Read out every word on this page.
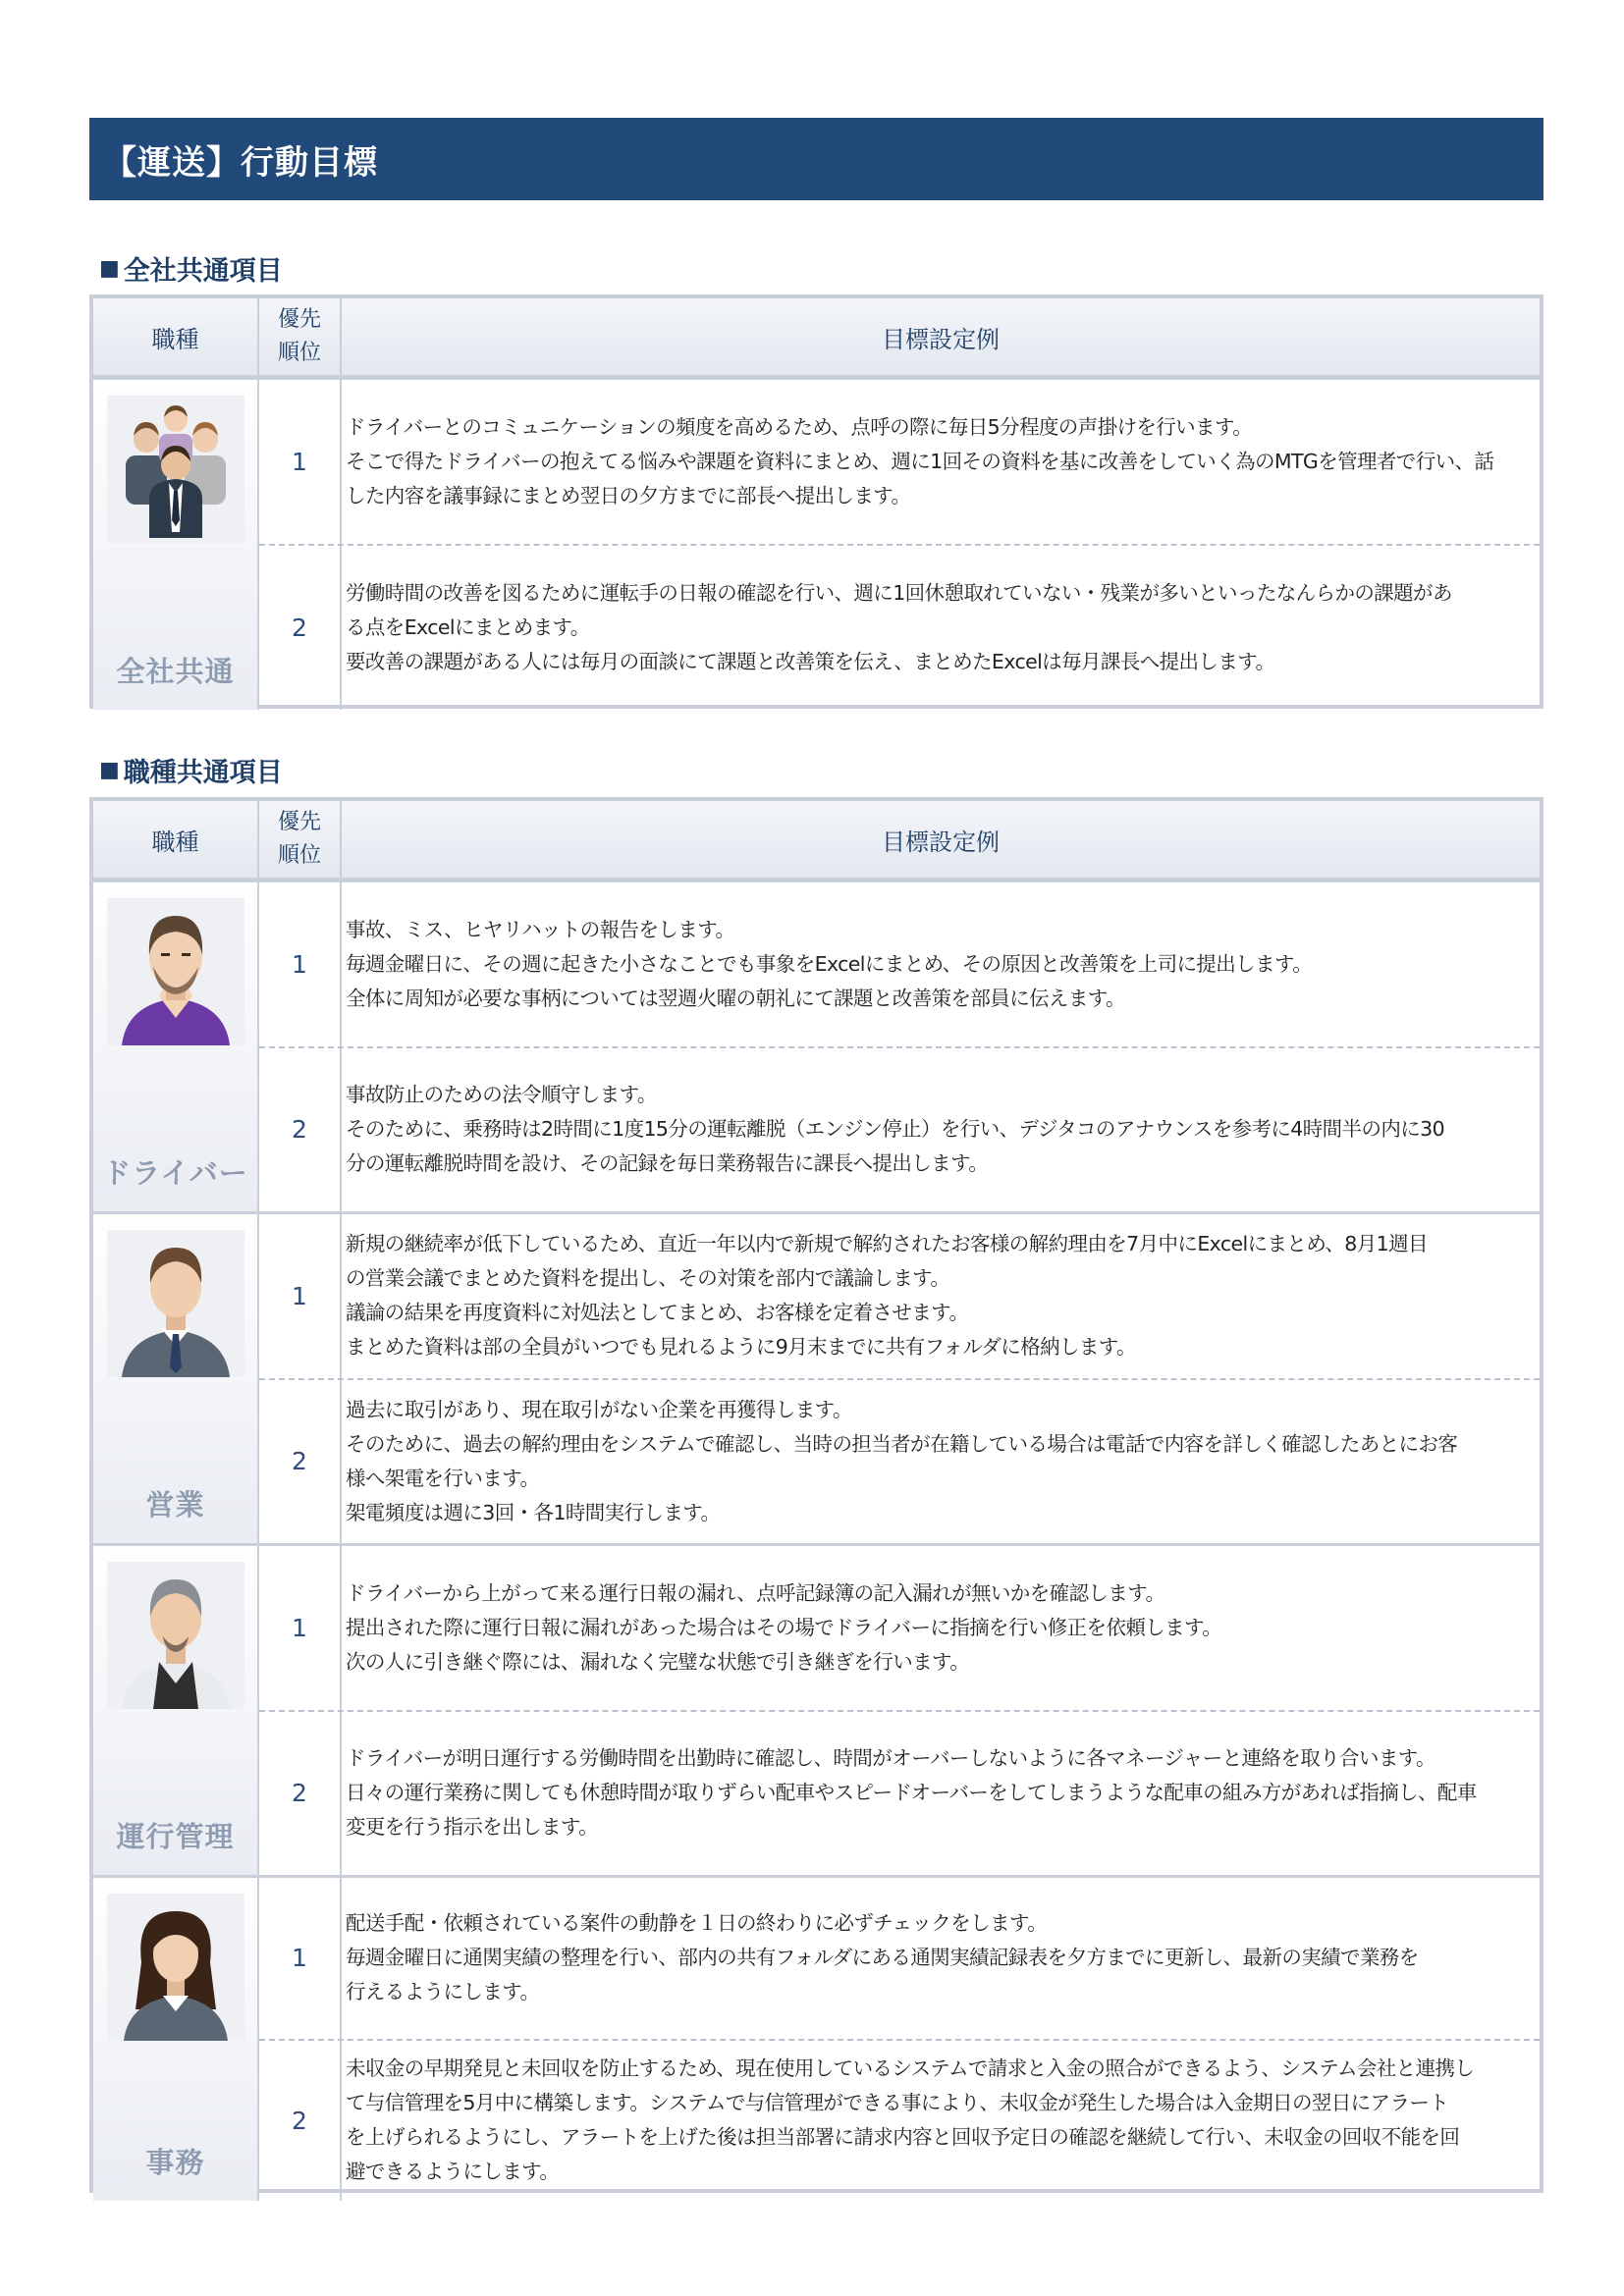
【運送】行動目標
■ 全社共通項目
職種
優先
順位	目標設定例
全社共通
1
ドライバーとのコミュニケーションの頻度を高めるため、点呼の際に毎日5分程度の声掛けを行います。
そこで得たドライバーの抱えてる悩みや課題を資料にまとめ、週に1回その資料を基に改善をしていく為のMTGを管理者で行い、話
した内容を議事録にまとめ翌日の夕方までに部長へ提出します。
2
労働時間の改善を図るために運転手の日報の確認を行い、週に1回休憩取れていない・残業が多いといったなんらかの課題があ
る点をExcelにまとめます。
要改善の課題がある人には毎月の面談にて課題と改善策を伝え、まとめたExcelは毎月課長へ提出します。
■ 職種共通項目
職種
優先
順位	目標設定例
ドライバー
1
事故、ミス、ヒヤリハットの報告をします。
毎週金曜日に、その週に起きた小さなことでも事象をExcelにまとめ、その原因と改善策を上司に提出します。
全体に周知が必要な事柄については翌週火曜の朝礼にて課題と改善策を部員に伝えます。
2
事故防止のための法令順守します。
そのために、乗務時は2時間に1度15分の運転離脱（エンジン停止）を行い、デジタコのアナウンスを参考に4時間半の内に30
分の運転離脱時間を設け、その記録を毎日業務報告に課長へ提出します。
営業
1
新規の継続率が低下しているため、直近一年以内で新規で解約されたお客様の解約理由を7月中にExcelにまとめ、8月1週目
の営業会議でまとめた資料を提出し、その対策を部内で議論します。
議論の結果を再度資料に対処法としてまとめ、お客様を定着させます。
まとめた資料は部の全員がいつでも見れるように9月末までに共有フォルダに格納します。
2
過去に取引があり、現在取引がない企業を再獲得します。
そのために、過去の解約理由をシステムで確認し、当時の担当者が在籍している場合は電話で内容を詳しく確認したあとにお客
様へ架電を行います。
架電頻度は週に3回・各1時間実行します。
運行管理
1
ドライバーから上がって来る運行日報の漏れ、点呼記録簿の記入漏れが無いかを確認します。
提出された際に運行日報に漏れがあった場合はその場でドライバーに指摘を行い修正を依頼します。
次の人に引き継ぐ際には、漏れなく完璧な状態で引き継ぎを行います。
2
ドライバーが明日運行する労働時間を出勤時に確認し、時間がオーバーしないように各マネージャーと連絡を取り合います。
日々の運行業務に関しても休憩時間が取りずらい配車やスピードオーバーをしてしまうような配車の組み方があれば指摘し、配車
変更を行う指示を出します。
事務
1
配送手配・依頼されている案件の動静を１日の終わりに必ずチェックをします。
毎週金曜日に通関実績の整理を行い、部内の共有フォルダにある通関実績記録表を夕方までに更新し、最新の実績で業務を
行えるようにします。
2
未収金の早期発見と未回収を防止するため、現在使用しているシステムで請求と入金の照合ができるよう、システム会社と連携し
て与信管理を5月中に構築します。システムで与信管理ができる事により、未収金が発生した場合は入金期日の翌日にアラート
を上げられるようにし、アラートを上げた後は担当部署に請求内容と回収予定日の確認を継続して行い、未収金の回収不能を回
避できるようにします。
